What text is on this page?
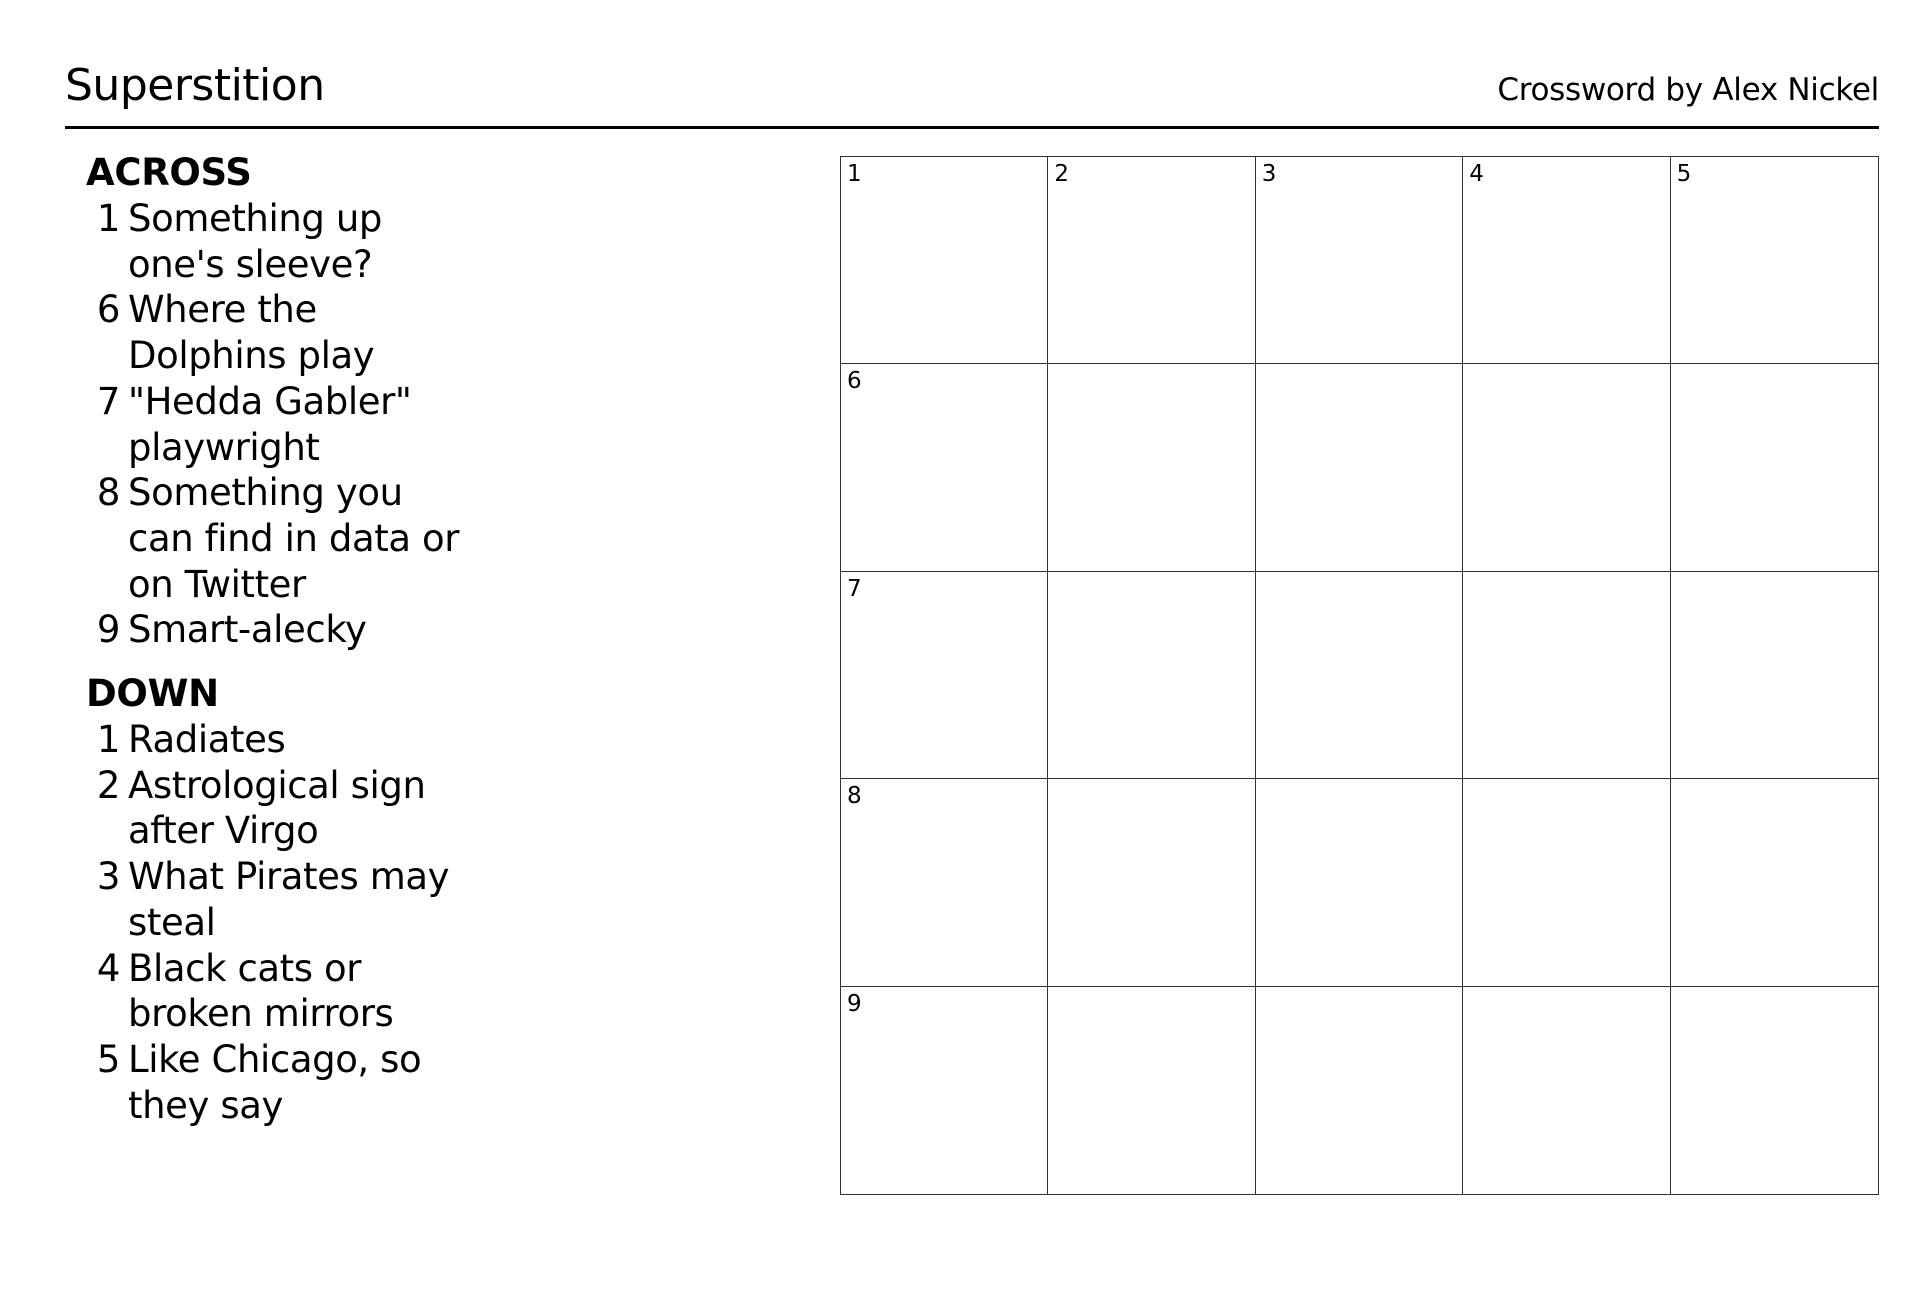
Superstition	Crossword by Alex Nickel
ACROSS
1 Something up one's sleeve?
6 Where the Dolphins play
7 "Hedda Gabler" playwright
8 Something you can find in data or on Twitter
9 Smart-alecky
DOWN
1 Radiates
2 Astrological sign after Virgo
3 What Pirates may steal
4 Black cats or broken mirrors
5 Like Chicago, so they say
1	2	3	4	5
6
7
8
9
